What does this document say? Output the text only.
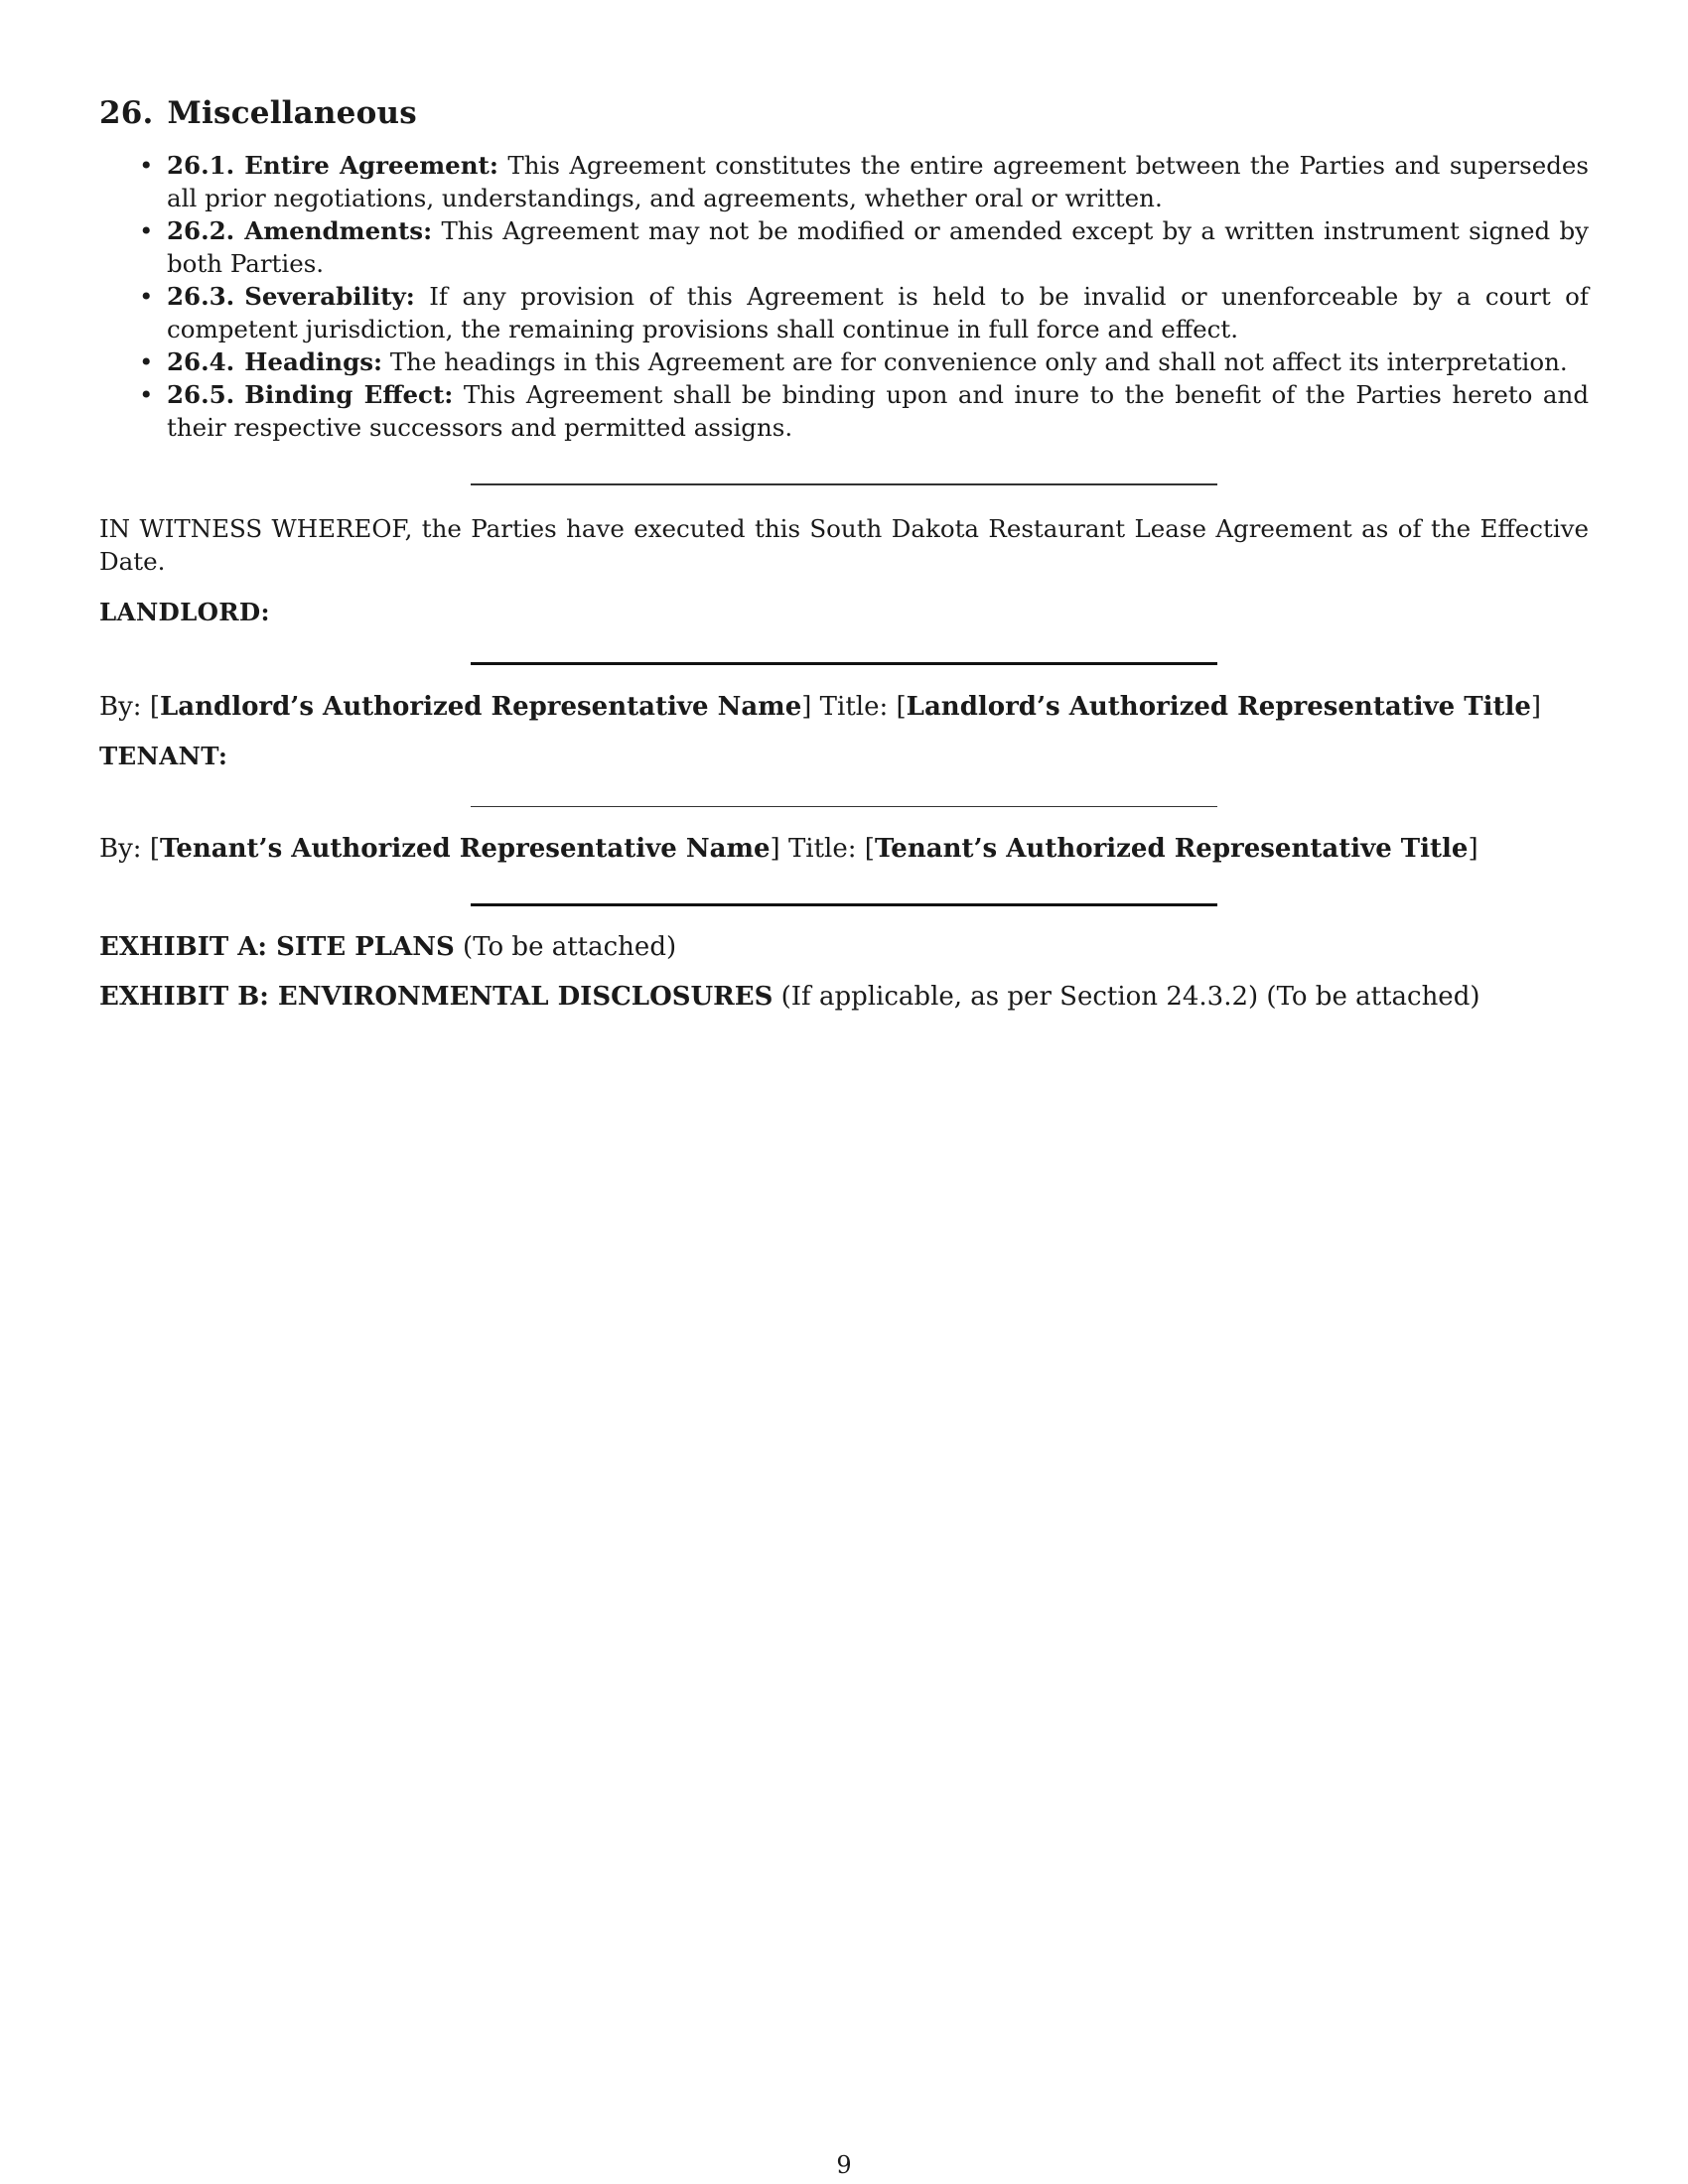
26. Miscellaneous
• 26.1. Entire Agreement: This Agreement constitutes the entire agreement between the Parties and supersedes all prior negotiations, understandings, and agreements, whether oral or written.
• 26.2. Amendments: This Agreement may not be modified or amended except by a written instrument signed by both Parties.
• 26.3. Severability: If any provision of this Agreement is held to be invalid or unenforceable by a court of competent jurisdiction, the remaining provisions shall continue in full force and effect.
• 26.4. Headings: The headings in this Agreement are for convenience only and shall not affect its interpretation.
• 26.5. Binding Effect: This Agreement shall be binding upon and inure to the benefit of the Parties hereto and their respective successors and permitted assigns.

IN WITNESS WHEREOF, the Parties have executed this South Dakota Restaurant Lease Agreement as of the Effective Date.

LANDLORD:

By: [Landlord’s Authorized Representative Name] Title: [Landlord’s Authorized Representative Title]

TENANT:

By: [Tenant’s Authorized Representative Name] Title: [Tenant’s Authorized Representative Title]

EXHIBIT A: SITE PLANS (To be attached)

EXHIBIT B: ENVIRONMENTAL DISCLOSURES (If applicable, as per Section 24.3.2) (To be attached)

9
